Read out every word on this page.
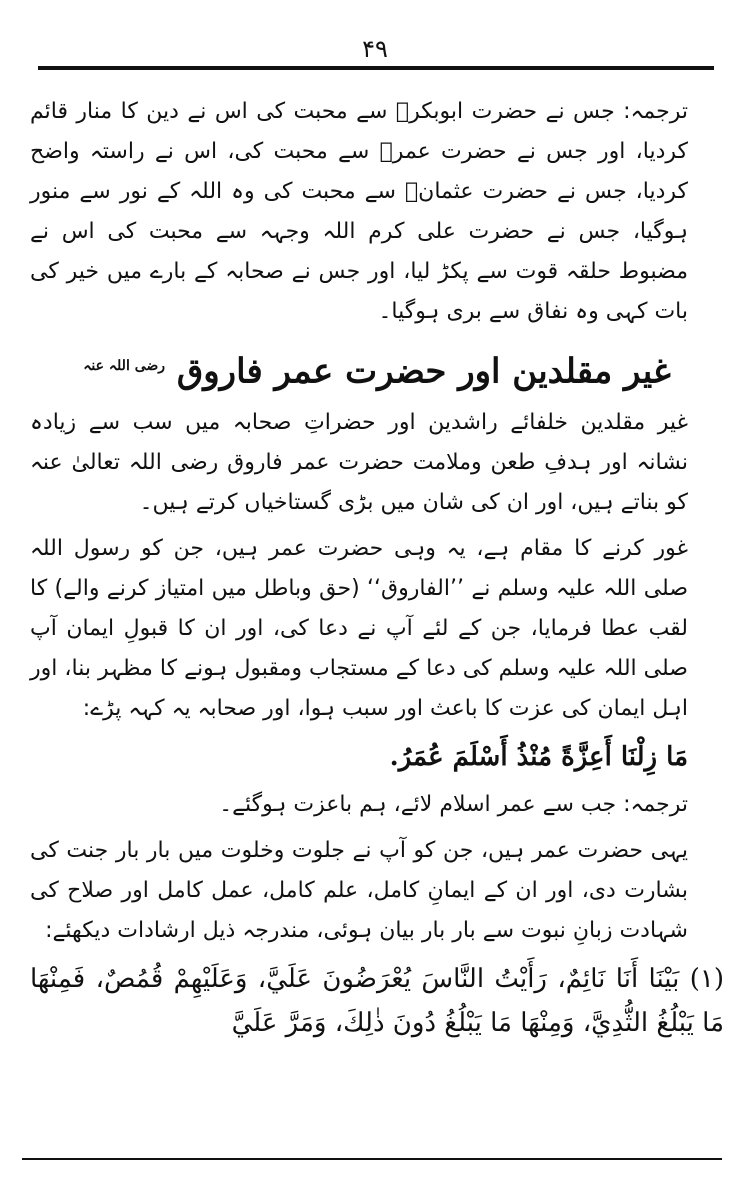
۴۹

ترجمہ: جس نے حضرت ابوبکرؓ سے محبت کی اس نے دین کا منار قائم کردیا، اور جس نے حضرت عمرؓ سے محبت کی، اس نے راستہ واضح کردیا، جس نے حضرت عثمانؓ سے محبت کی وہ اللہ کے نور سے منور ہوگیا، جس نے حضرت علی کرم اللہ وجہہ سے محبت کی اس نے مضبوط حلقہ قوت سے پکڑ لیا، اور جس نے صحابہ کے بارے میں خیر کی بات کہی وہ نفاق سے بری ہوگیا۔

غیر مقلدین اور حضرت عمر فاروق $^{رضی اللہ عنہ}$

غیر مقلدین خلفائے راشدین اور حضراتِ صحابہ میں سب سے زیادہ نشانہ اور ہدفِ طعن وملامت حضرت عمر فاروق رضی اللہ تعالیٰ عنہ کو بناتے ہیں، اور ان کی شان میں بڑی گستاخیاں کرتے ہیں۔

غور کرنے کا مقام ہے، یہ وہی حضرت عمر ہیں، جن کو رسول اللہ صلی اللہ علیہ وسلم نے ’’الفاروق‘‘ (حق وباطل میں امتیاز کرنے والے) کا لقب عطا فرمایا، جن کے لئے آپ نے دعا کی، اور ان کا قبولِ ایمان آپ صلی اللہ علیہ وسلم کی دعا کے مستجاب ومقبول ہونے کا مظہر بنا، اور اہل ایمان کی عزت کا باعث اور سبب ہوا، اور صحابہ یہ کہہ پڑے:

مَا زِلْنَا أَعِزَّةً مُنْذُ أَسْلَمَ عُمَرُ.

ترجمہ: جب سے عمر اسلام لائے، ہم باعزت ہوگئے۔

یہی حضرت عمر ہیں، جن کو آپ نے جلوت وخلوت میں بار بار جنت کی بشارت دی، اور ان کے ایمانِ کامل، علم کامل، عمل کامل اور صلاح کی شہادت زبانِ نبوت سے بار بار بیان ہوئی، مندرجہ ذیل ارشادات دیکھئے:

(۱) بَيْنَا أَنَا نَائِمٌ، رَأَيْتُ النَّاسَ يُعْرَضُونَ عَلَيَّ، وَعَلَيْهِمْ قُمُصٌ، فَمِنْهَا مَا يَبْلُغُ الثُّدِيَّ، وَمِنْهَا مَا يَبْلُغُ دُونَ ذٰلِكَ، وَمَرَّ عَلَيَّ
